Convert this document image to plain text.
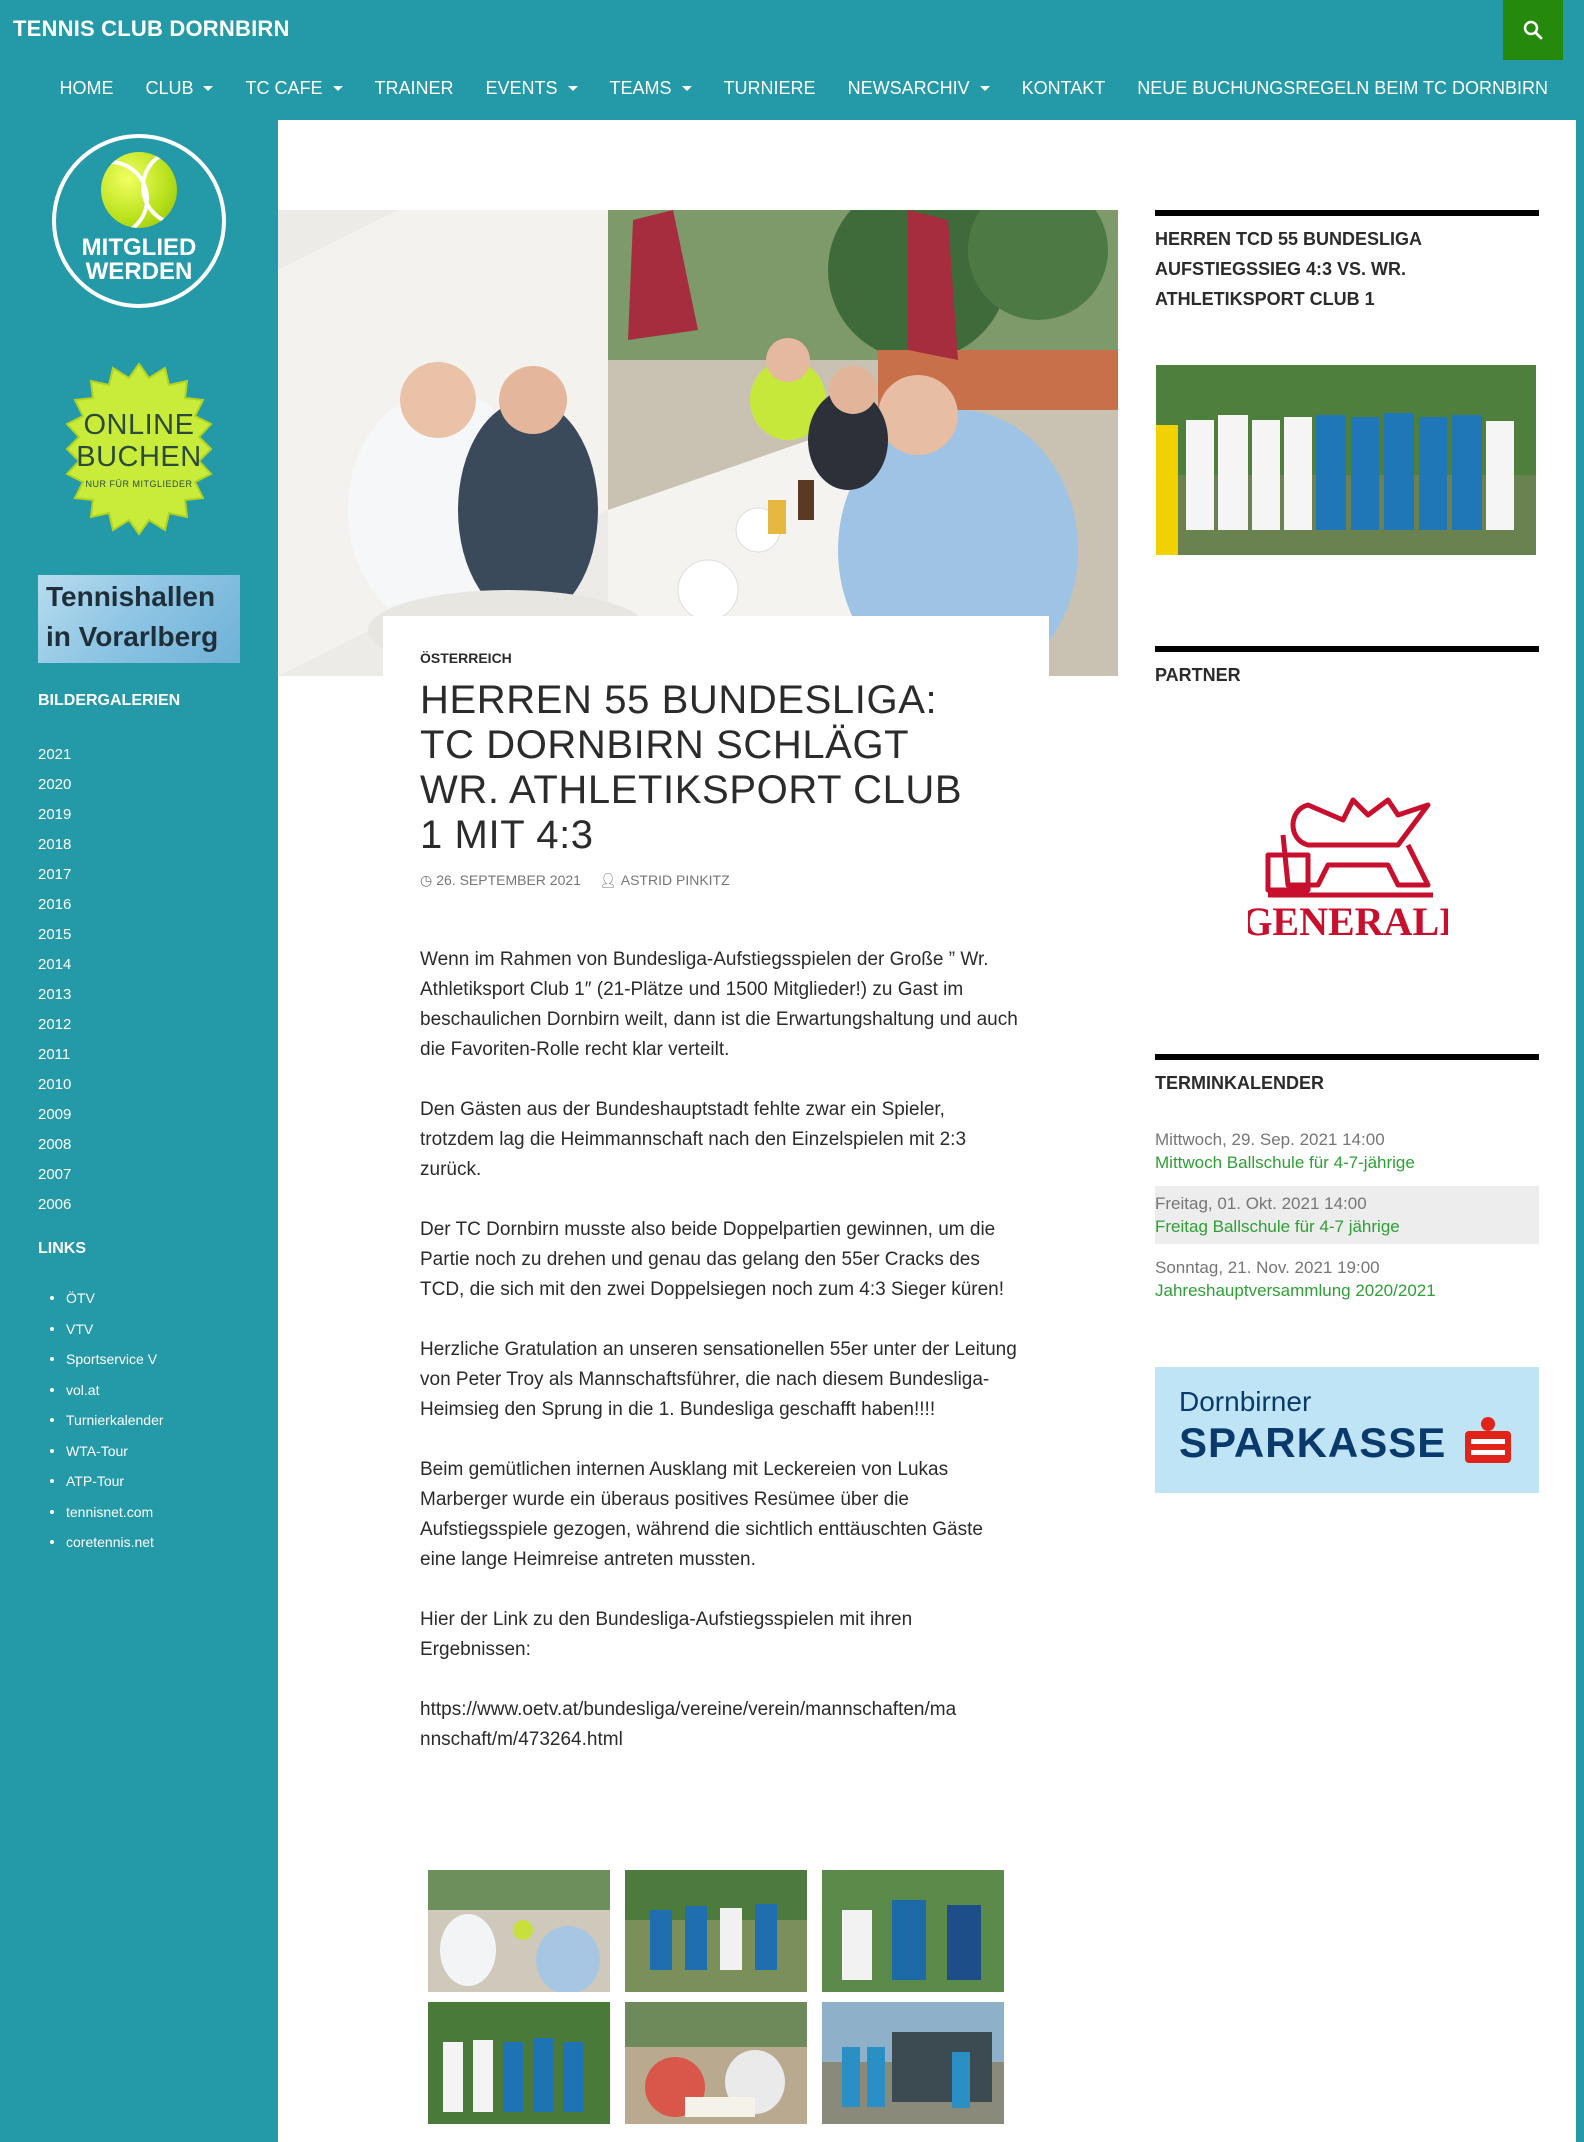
TENNIS CLUB DORNBIRN
HOME CLUB	TC CAFE	TRAINER EVENTS	TEAMS	TURNIERE NEWSARCHIV	KONTAKT NEUE BUCHUNGSREGELN BEIM TC DORNBIRN
MITGLIED
WERDEN
ONLINE
BUCHEN
NUR FÜR MITGLIEDER
Tennishallen
in Vorarlberg
BILDERGALERIEN
2021
2020
2019
2018
2017
2016
2015
2014
2013
2012
2011
2010
2009
2008
2007
2006
LINKS
ÖTV
VTV
Sportservice V
vol.at
Turnierkalender
WTA-Tour
ATP-Tour
tennisnet.com
coretennis.net
ÖSTERREICH
HERREN 55 BUNDESLIGA: TC DORNBIRN SCHLÄGT WR. ATHLETIKSPORT CLUB 1 MIT 4:3
◷ 26. SEPTEMBER 2021 👤︎ ASTRID PINKITZ

Wenn im Rahmen von Bundesliga-Aufstiegsspielen der Große ” Wr. Athletiksport Club 1″ (21-Plätze und 1500 Mitglieder!) zu Gast im beschaulichen Dornbirn weilt, dann ist die Erwartungshaltung und auch die Favoriten-Rolle recht klar verteilt.

Den Gästen aus der Bundeshauptstadt fehlte zwar ein Spieler, trotzdem lag die Heimmannschaft nach den Einzelspielen mit 2:3 zurück.

Der TC Dornbirn musste also beide Doppelpartien gewinnen, um die Partie noch zu drehen und genau das gelang den 55er Cracks des TCD, die sich mit den zwei Doppelsiegen noch zum 4:3 Sieger küren!

Herzliche Gratulation an unseren sensationellen 55er unter der Leitung von Peter Troy als Mannschaftsführer, die nach diesem Bundesliga-Heimsieg den Sprung in die 1. Bundesliga geschafft haben!!!!

Beim gemütlichen internen Ausklang mit Leckereien von Lukas Marberger wurde ein überaus positives Resümee über die Aufstiegsspiele gezogen, während die sichtlich enttäuschten Gäste eine lange Heimreise antreten mussten.

Hier der Link zu den Bundesliga-Aufstiegsspielen mit ihren Ergebnissen:

https://www.oetv.at/bundesliga/vereine/verein/mannschaften/mannschaft/m/473264.html

HERREN TCD 55 BUNDESLIGA AUFSTIEGSSIEG 4:3 VS. WR. ATHLETIKSPORT CLUB 1
PARTNER
GENERALI
TERMINKALENDER
Mittwoch, 29. Sep. 2021 14:00
Mittwoch Ballschule für 4-7-jährige
Freitag, 01. Okt. 2021 14:00
Freitag Ballschule für 4-7 jährige
Sonntag, 21. Nov. 2021 19:00
Jahreshauptversammlung 2020/2021
Dornbirner
SPARKASSE
